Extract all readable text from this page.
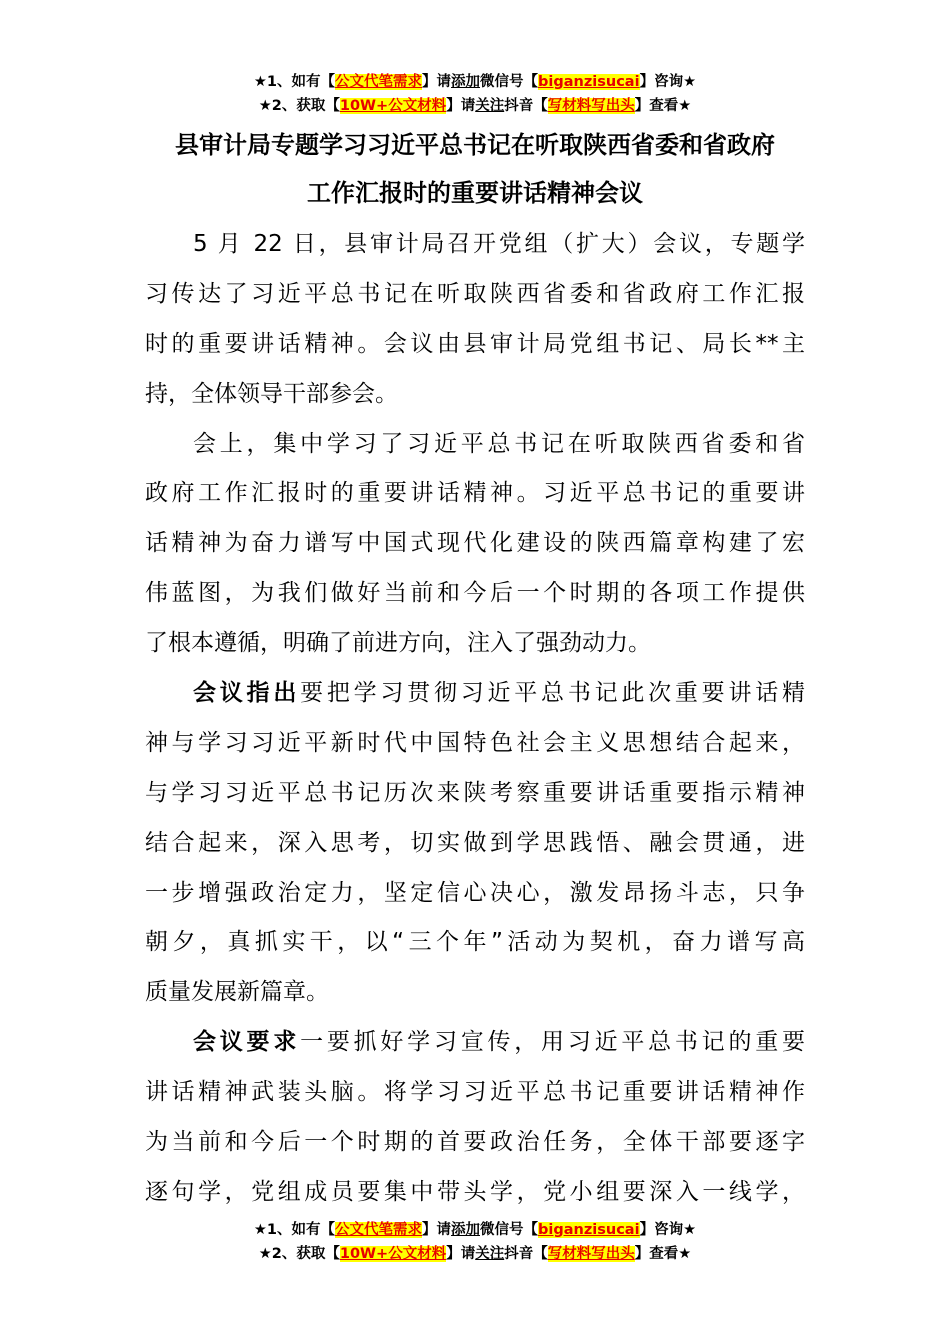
★1、如有【公文代笔需求】请添加微信号【biganzisucai】咨询★
★2、获取【10W+公文材料】请关注抖音【写材料写出头】查看★
县审计局专题学习习近平总书记在听取陕西省委和省政府
工作汇报时的重要讲话精神会议
5 月 22 日，县审计局召开党组（扩大）会议，专题学
习传达了习近平总书记在听取陕西省委和省政府工作汇报
时的重要讲话精神。会议由县审计局党组书记、局长**主
持，全体领导干部参会。
会上，集中学习了习近平总书记在听取陕西省委和省
政府工作汇报时的重要讲话精神。习近平总书记的重要讲
话精神为奋力谱写中国式现代化建设的陕西篇章构建了宏
伟蓝图，为我们做好当前和今后一个时期的各项工作提供
了根本遵循，明确了前进方向，注入了强劲动力。
会议指出要把学习贯彻习近平总书记此次重要讲话精
神与学习习近平新时代中国特色社会主义思想结合起来，
与学习习近平总书记历次来陕考察重要讲话重要指示精神
结合起来，深入思考，切实做到学思践悟、融会贯通，进
一步增强政治定力，坚定信心决心，激发昂扬斗志，只争
朝夕，真抓实干，以“三个年”活动为契机，奋力谱写高
质量发展新篇章。
会议要求一要抓好学习宣传，用习近平总书记的重要
讲话精神武装头脑。将学习习近平总书记重要讲话精神作
为当前和今后一个时期的首要政治任务，全体干部要逐字
逐句学，党组成员要集中带头学，党小组要深入一线学，
★1、如有【公文代笔需求】请添加微信号【biganzisucai】咨询★
★2、获取【10W+公文材料】请关注抖音【写材料写出头】查看★
